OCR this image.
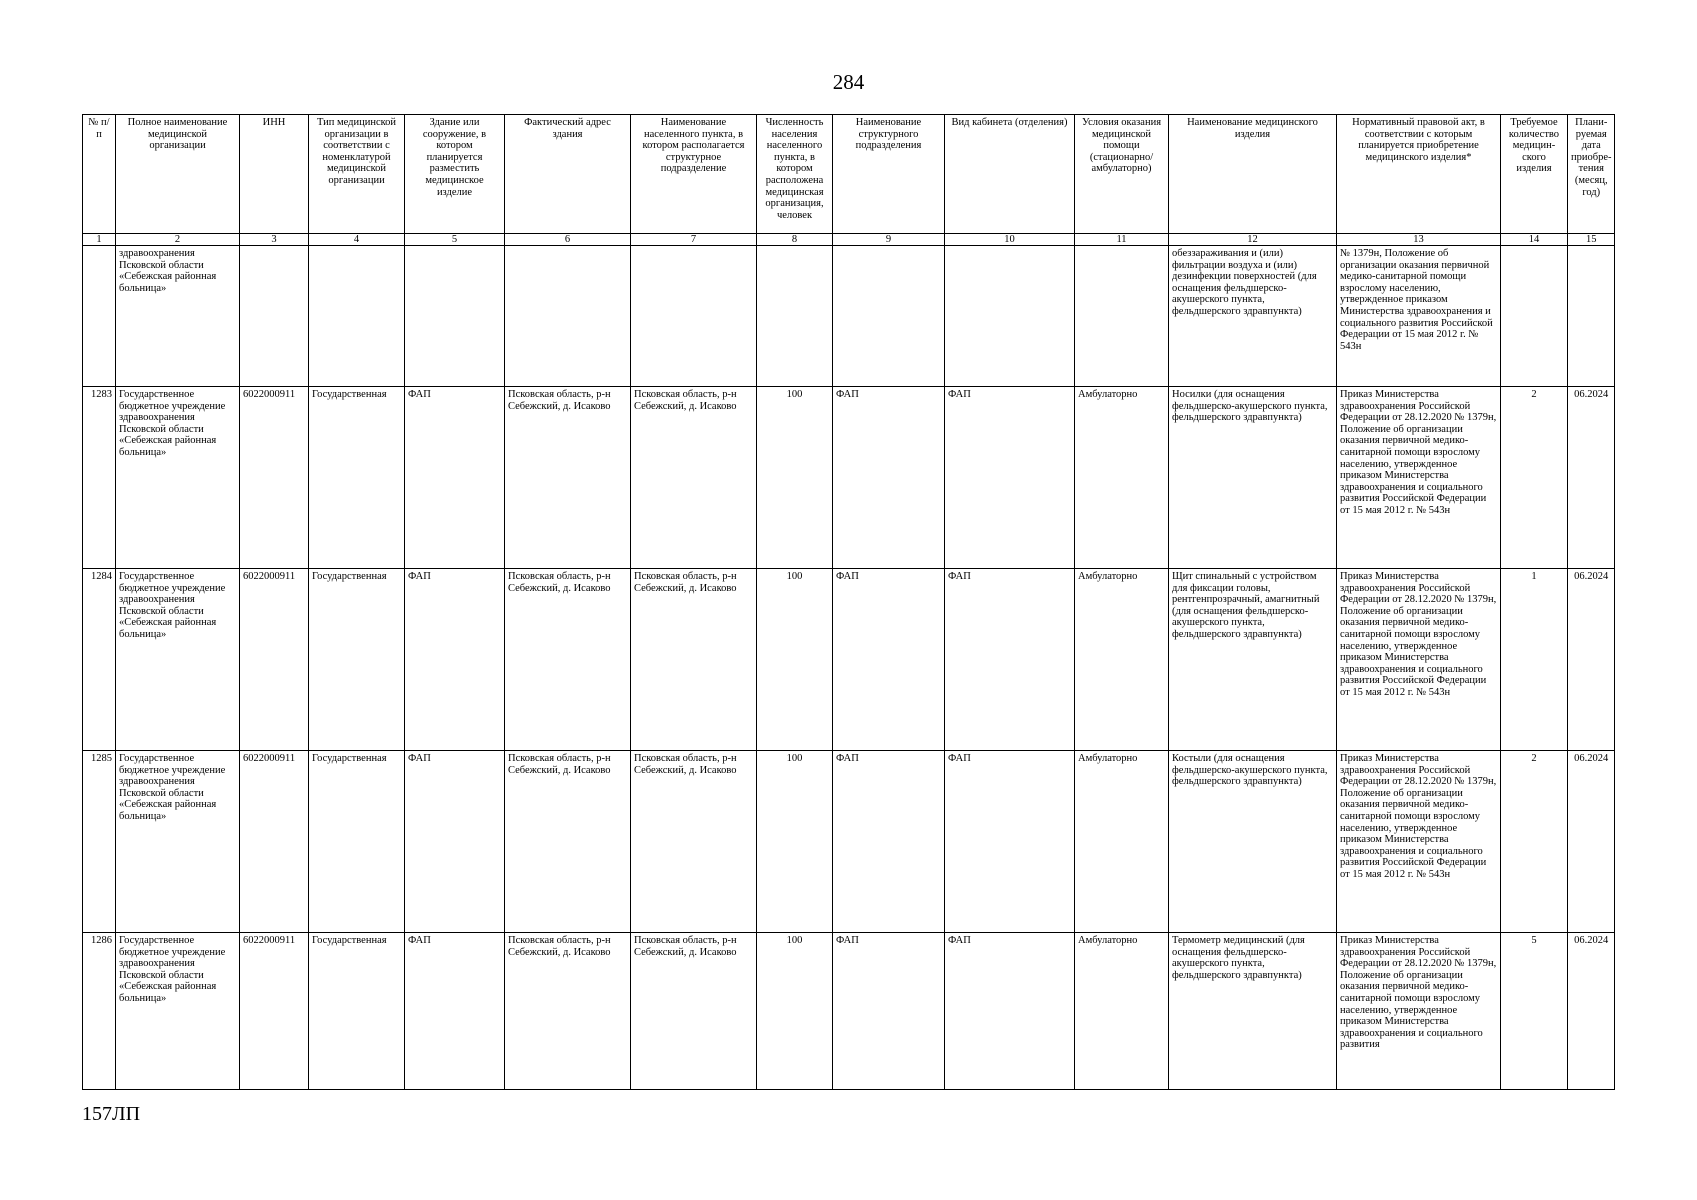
284
№ п/п	Полное наименование медицинской организации	ИНН	Тип медицинской организации в соответствии с номенклатурой медицинской организации	Здание или сооружение, в котором планируется разместить медицинское изделие	Фактический адрес здания	Наименование населенного пункта, в котором располагается структурное подразделение	Численность населения населенного пункта, в котором расположена медицинская организация, человек	Наименование структурного подразделения	Вид кабинета (отделения)	Условия оказания медицинской помощи (стационарно/ амбулаторно)	Наименование медицинского изделия	Нормативный правовой акт, в соответствии с которым планируется приобретение медицинского изделия*	Требуемое количество медицин-ского изделия	Плани-руемая дата приобре-тения (месяц, год)
1	2	3	4	5	6	7	8	9	10	11	12	13	14	15
	здравоохранения Псковской области «Себежская районная больница»										обеззараживания и (или) фильтрации воздуха и (или) дезинфекции поверхностей (для оснащения фельдшерско-акушерского пункта, фельдшерского здравпункта)	№ 1379н, Положение об организации оказания первичной медико-санитарной помощи взрослому населению, утвержденное приказом Министерства здравоохранения и социального развития Российской Федерации от 15 мая 2012 г. № 543н		
1283	Государственное бюджетное учреждение здравоохранения Псковской области «Себежская районная больница»	6022000911	Государственная	ФАП	Псковская область, р-н Себежский, д. Исаково	Псковская область, р-н Себежский, д. Исаково	100	ФАП	ФАП	Амбулаторно	Носилки (для оснащения фельдшерско-акушерского пункта, фельдшерского здравпункта)	Приказ Министерства здравоохранения Российской Федерации от 28.12.2020 № 1379н, Положение об организации оказания первичной медико-санитарной помощи взрослому населению, утвержденное приказом Министерства здравоохранения и социального развития Российской Федерации от 15 мая 2012 г. № 543н	2	06.2024
1284	Государственное бюджетное учреждение здравоохранения Псковской области «Себежская районная больница»	6022000911	Государственная	ФАП	Псковская область, р-н Себежский, д. Исаково	Псковская область, р-н Себежский, д. Исаково	100	ФАП	ФАП	Амбулаторно	Щит спинальный с устройством для фиксации головы, рентгенпрозрачный, амагнитный (для оснащения фельдшерско-акушерского пункта, фельдшерского здравпункта)	Приказ Министерства здравоохранения Российской Федерации от 28.12.2020 № 1379н, Положение об организации оказания первичной медико-санитарной помощи взрослому населению, утвержденное приказом Министерства здравоохранения и социального развития Российской Федерации от 15 мая 2012 г. № 543н	1	06.2024
1285	Государственное бюджетное учреждение здравоохранения Псковской области «Себежская районная больница»	6022000911	Государственная	ФАП	Псковская область, р-н Себежский, д. Исаково	Псковская область, р-н Себежский, д. Исаково	100	ФАП	ФАП	Амбулаторно	Костыли (для оснащения фельдшерско-акушерского пункта, фельдшерского здравпункта)	Приказ Министерства здравоохранения Российской Федерации от 28.12.2020 № 1379н, Положение об организации оказания первичной медико-санитарной помощи взрослому населению, утвержденное приказом Министерства здравоохранения и социального развития Российской Федерации от 15 мая 2012 г. № 543н	2	06.2024
1286	Государственное бюджетное учреждение здравоохранения Псковской области «Себежская районная больница»	6022000911	Государственная	ФАП	Псковская область, р-н Себежский, д. Исаково	Псковская область, р-н Себежский, д. Исаково	100	ФАП	ФАП	Амбулаторно	Термометр медицинский (для оснащения фельдшерско-акушерского пункта, фельдшерского здравпункта)	Приказ Министерства здравоохранения Российской Федерации от 28.12.2020 № 1379н, Положение об организации оказания первичной медико-санитарной помощи взрослому населению, утвержденное приказом Министерства здравоохранения и социального развития	5	06.2024
157ЛП
